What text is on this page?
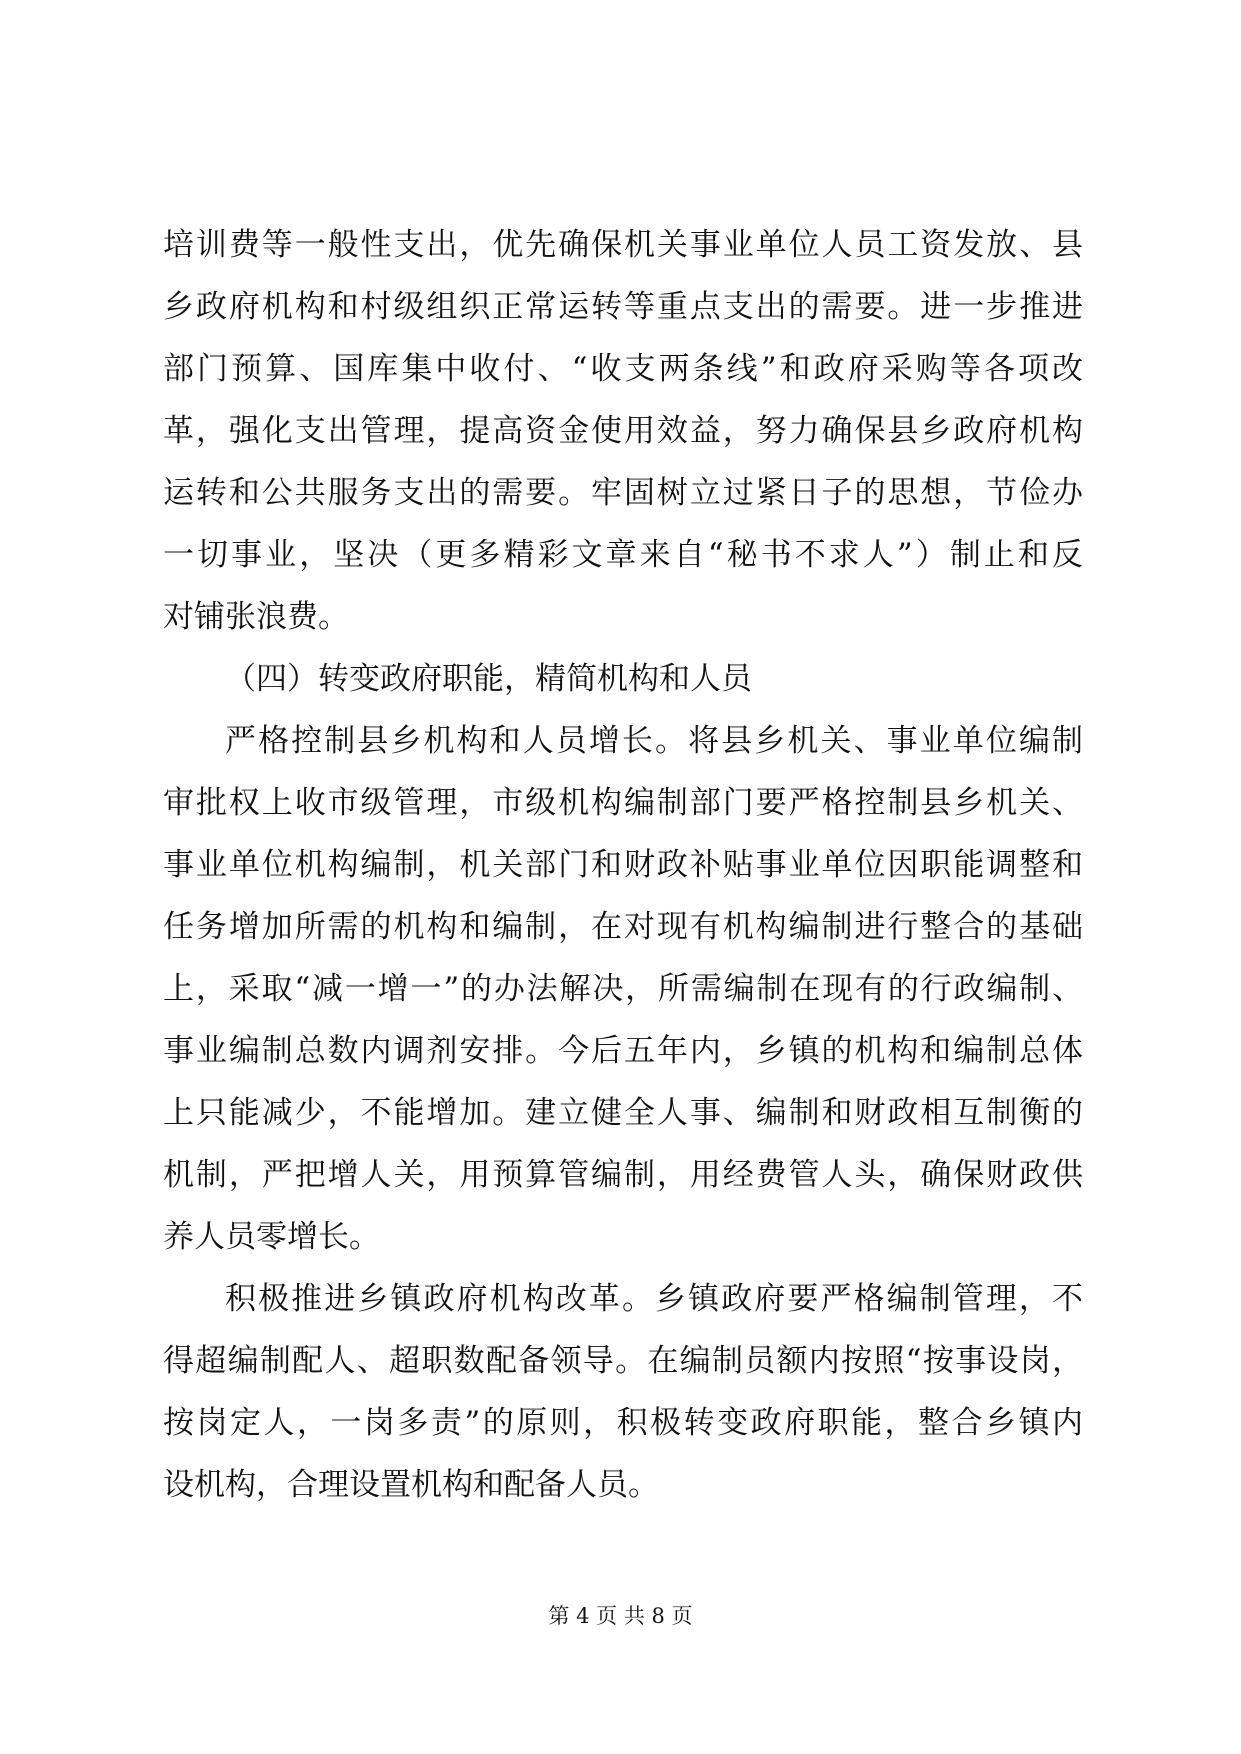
培训费等一般性支出，优先确保机关事业单位人员工资发放、县
乡政府机构和村级组织正常运转等重点支出的需要。进一步推进
部门预算、国库集中收付、“收支两条线”和政府采购等各项改
革，强化支出管理，提高资金使用效益，努力确保县乡政府机构
运转和公共服务支出的需要。牢固树立过紧日子的思想，节俭办
一切事业，坚决（更多精彩文章来自“秘书不求人”）制止和反
对铺张浪费。
（四）转变政府职能，精简机构和人员
严格控制县乡机构和人员增长。将县乡机关、事业单位编制
审批权上收市级管理，市级机构编制部门要严格控制县乡机关、
事业单位机构编制，机关部门和财政补贴事业单位因职能调整和
任务增加所需的机构和编制，在对现有机构编制进行整合的基础
上，采取“减一增一”的办法解决，所需编制在现有的行政编制、
事业编制总数内调剂安排。今后五年内，乡镇的机构和编制总体
上只能减少，不能增加。建立健全人事、编制和财政相互制衡的
机制，严把增人关，用预算管编制，用经费管人头，确保财政供
养人员零增长。
积极推进乡镇政府机构改革。乡镇政府要严格编制管理，不
得超编制配人、超职数配备领导。在编制员额内按照“按事设岗，
按岗定人，一岗多责”的原则，积极转变政府职能，整合乡镇内
设机构，合理设置机构和配备人员。
第 4 页 共 8 页
